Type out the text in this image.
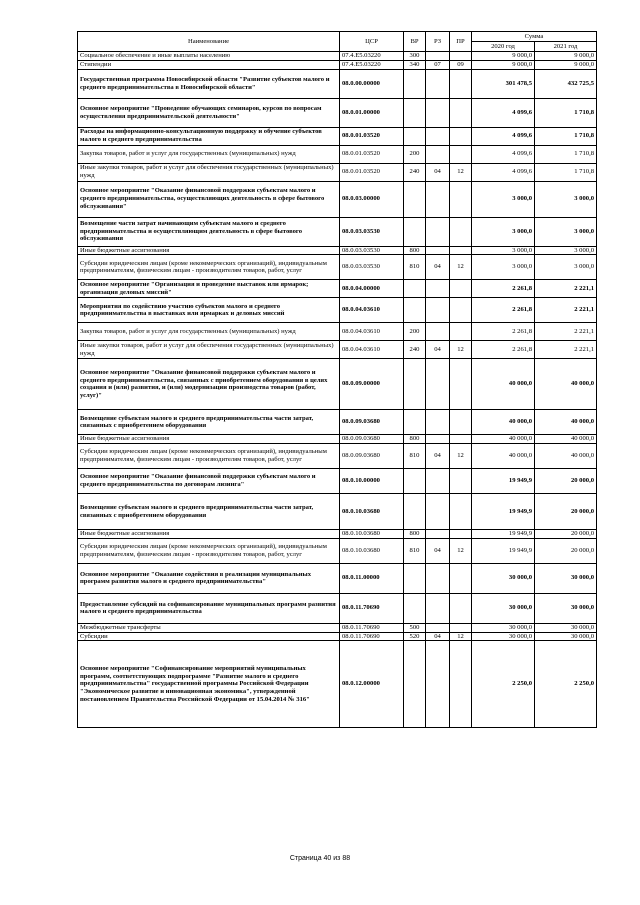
Наименование	ЦСР	ВР	РЗ	ПР	Сумма	
					2020 год	2021 год
Социальное обеспечение и иные выплаты населению	07.4.Е5.03220	300			9 000,0	9 000,0
Стипендии	07.4.Е5.03220	340	07	09	9 000,0	9 000,0
Государственная программа Новосибирской области "Развитие субъектов малого и среднего предпринимательства в Новосибирской области"	08.0.00.00000				301 478,5	432 725,5
Основное мероприятие "Проведение обучающих семинаров, курсов по вопросам осуществления предпринимательской деятельности"	08.0.01.00000				4 099,6	1 710,8
Расходы на информационно-консультационную поддержку и обучение субъектов малого и среднего предпринимательства	08.0.01.03520				4 099,6	1 710,8
Закупка товаров, работ и услуг для государственных (муниципальных) нужд	08.0.01.03520	200			4 099,6	1 710,8
Иные закупки товаров, работ и услуг для обеспечения государственных (муниципальных) нужд	08.0.01.03520	240	04	12	4 099,6	1 710,8
Основное мероприятие "Оказание финансовой поддержки субъектам малого и среднего предпринимательства, осуществляющих деятельность в сфере бытового обслуживания"	08.0.03.00000				3 000,0	3 000,0
Возмещение части затрат начинающим субъектам малого и среднего предпринимательства и осуществляющим деятельность в сфере бытового обслуживания	08.0.03.03530				3 000,0	3 000,0
Иные бюджетные ассигнования	08.0.03.03530	800			3 000,0	3 000,0
Субсидии юридическим лицам (кроме некоммерческих организаций), индивидуальным предпринимателям, физическим лицам - производителям товаров, работ, услуг	08.0.03.03530	810	04	12	3 000,0	3 000,0
Основное мероприятие "Организация и проведение выставок или ярмарок; организация деловых миссий"	08.0.04.00000				2 261,8	2 221,1
Мероприятия по содействию участию субъектов малого и среднего предпринимательства в выставках или ярмарках и деловых миссий	08.0.04.03610				2 261,8	2 221,1
Закупка товаров, работ и услуг для государственных (муниципальных) нужд	08.0.04.03610	200			2 261,8	2 221,1
Иные закупки товаров, работ и услуг для обеспечения государственных (муниципальных) нужд	08.0.04.03610	240	04	12	2 261,8	2 221,1
Основное мероприятие "Оказание финансовой поддержки субъектам малого и среднего предпринимательства, связанных с приобретением оборудования в целях создания и (или) развития, и (или) модернизации производства товаров (работ, услуг)"	08.0.09.00000				40 000,0	40 000,0
Возмещение субъектам малого и среднего предпринимательства части затрат, связанных с приобретением оборудования	08.0.09.03680				40 000,0	40 000,0
Иные бюджетные ассигнования	08.0.09.03680	800			40 000,0	40 000,0
Субсидии юридическим лицам (кроме некоммерческих организаций), индивидуальным предпринимателям, физическим лицам - производителям товаров, работ, услуг	08.0.09.03680	810	04	12	40 000,0	40 000,0
Основное мероприятие "Оказание финансовой поддержки субъектам малого и среднего предпринимательства по договорам лизинга"	08.0.10.00000				19 949,9	20 000,0
Возмещение субъектам малого и среднего предпринимательства части затрат, связанных с приобретением оборудования	08.0.10.03680				19 949,9	20 000,0
Иные бюджетные ассигнования	08.0.10.03680	800			19 949,9	20 000,0
Субсидии юридическим лицам (кроме некоммерческих организаций), индивидуальным предпринимателям, физическим лицам - производителям товаров, работ, услуг	08.0.10.03680	810	04	12	19 949,9	20 000,0
Основное мероприятие "Оказание содействия в реализации муниципальных программ развития малого и среднего предпринимательства"	08.0.11.00000				30 000,0	30 000,0
Предоставление субсидий на софинансирование муниципальных программ развития малого и среднего предпринимательства	08.0.11.70690				30 000,0	30 000,0
Межбюджетные трансферты	08.0.11.70690	500			30 000,0	30 000,0
Субсидии	08.0.11.70690	520	04	12	30 000,0	30 000,0
Основное мероприятие "Софинансирование мероприятий муниципальных программ, соответствующих подпрограмме "Развитие малого и среднего предпринимательства" государственной программы Российской Федерации "Экономическое развитие и инновационная экономика", утвержденной постановлением Правительства Российской Федерации от 15.04.2014 № 316"	08.0.12.00000				2 250,0	2 250,0
Страница 40 из 88
